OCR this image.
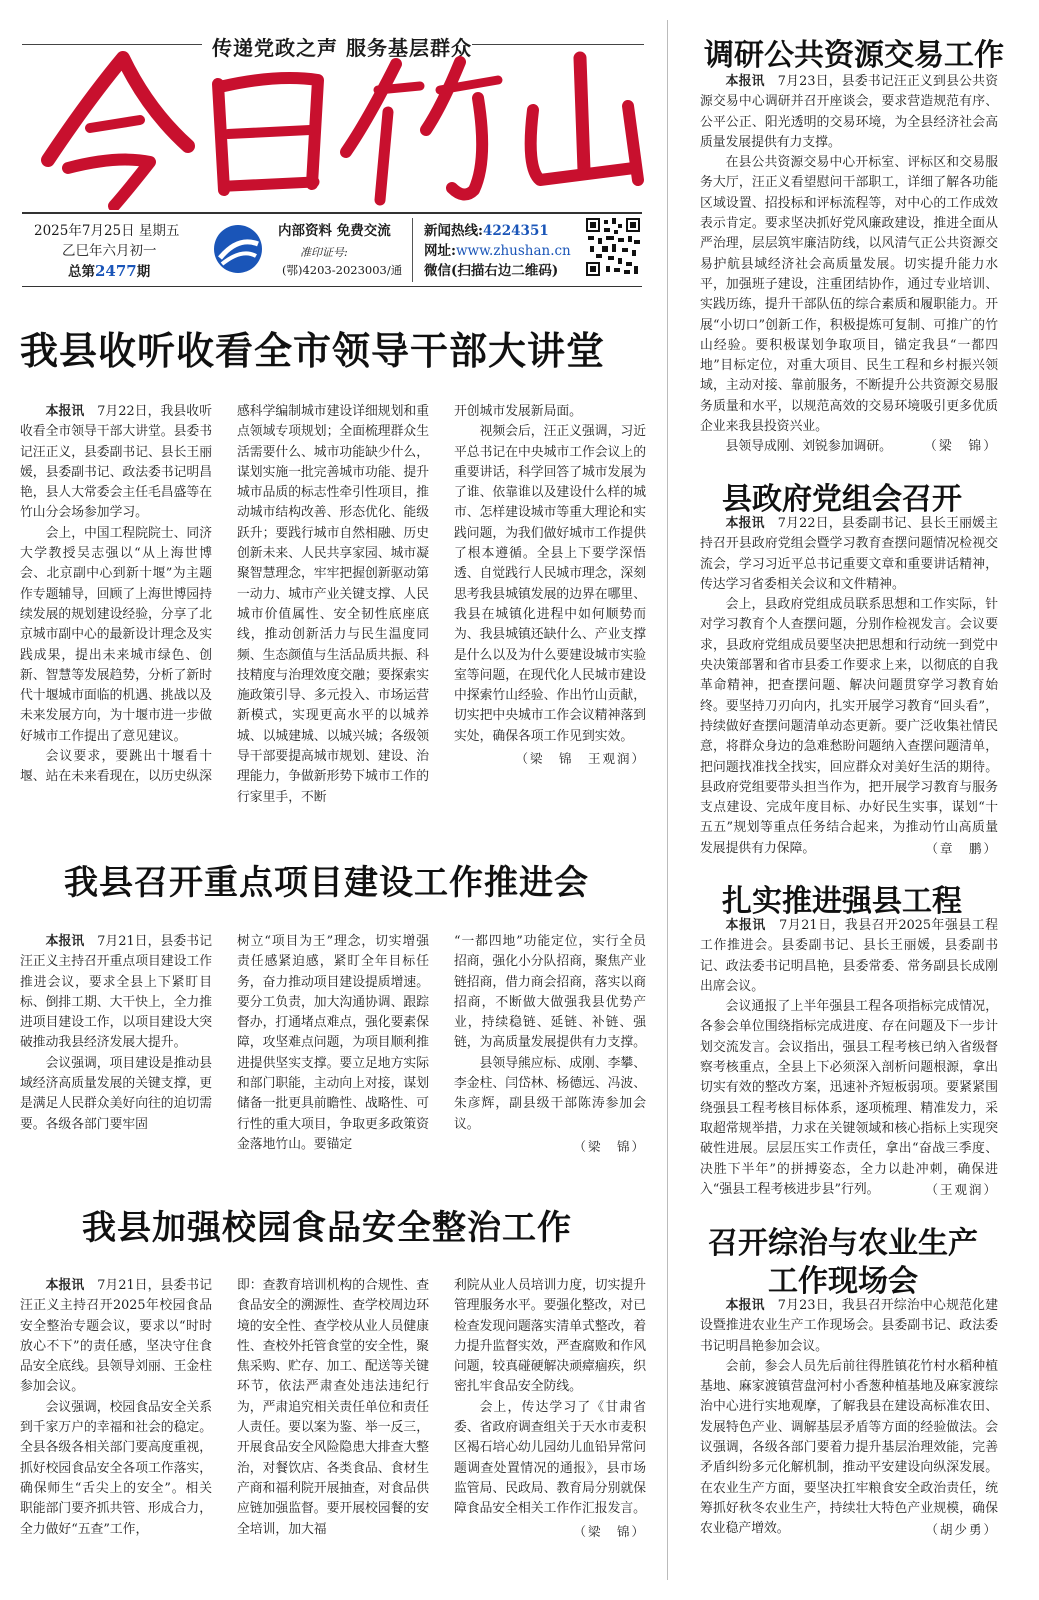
传递党政之声 服务基层群众
今日竹山
2025年7月25日 星期五
乙巳年六月初一
总第2477期
内部资料 免费交流
准印证号:
(鄂)4203-2023003/通
新闻热线:4224351
网址:www.zhushan.cn
微信(扫描右边二维码)
我县收听收看全市领导干部大讲堂

本报讯　7月22日，我县收听收看全市领导干部大讲堂。县委书记汪正义，县委副书记、县长王丽媛，县委副书记、政法委书记明昌艳，县人大常委会主任毛昌盛等在竹山分会场参加学习。

会上，中国工程院院士、同济大学教授吴志强以“从上海世博会、北京副中心到新十堰”为主题作专题辅导，回顾了上海世博园持续发展的规划建设经验，分享了北京城市副中心的最新设计理念及实践成果，提出未来城市绿色、创新、智慧等发展趋势，分析了新时代十堰城市面临的机遇、挑战以及未来发展方向，为十堰市进一步做好城市工作提出了意见建议。

会议要求，要跳出十堰看十堰、站在未来看现在，以历史纵深

感科学编制城市建设详细规划和重点领域专项规划；全面梳理群众生活需要什么、城市功能缺少什么，谋划实施一批完善城市功能、提升城市品质的标志性牵引性项目，推动城市结构改善、形态优化、能级跃升；要践行城市自然相融、历史创新未来、人民共享家园、城市凝聚智慧理念，牢牢把握创新驱动第一动力、城市产业关键支撑、人民城市价值属性、安全韧性底座底线，推动创新活力与民生温度同频、生态颜值与生活品质共振、科技精度与治理效度交融；要探索实施政策引导、多元投入、市场运营新模式，实现更高水平的以城养城、以城建城、以城兴城；各级领导干部要提高城市规划、建设、治理能力，争做新形势下城市工作的行家里手，不断

开创城市发展新局面。

视频会后，汪正义强调，习近平总书记在中央城市工作会议上的重要讲话，科学回答了城市发展为了谁、依靠谁以及建设什么样的城市、怎样建设城市等重大理论和实践问题，为我们做好城市工作提供了根本遵循。全县上下要学深悟透、自觉践行人民城市理念，深刻思考我县城镇发展的边界在哪里、我县在城镇化进程中如何顺势而为、我县城镇还缺什么、产业支撑是什么以及为什么要建设城市实验室等问题，在现代化人民城市建设中探索竹山经验、作出竹山贡献，切实把中央城市工作会议精神落到实处，确保各项工作见到实效。

（梁　锦　王观润）
我县召开重点项目建设工作推进会

本报讯　7月21日，县委书记汪正义主持召开重点项目建设工作推进会议，要求全县上下紧盯目标、倒排工期、大干快上，全力推进项目建设工作，以项目建设大突破推动我县经济发展大提升。

会议强调，项目建设是推动县域经济高质量发展的关键支撑，更是满足人民群众美好向往的迫切需要。各级各部门要牢固

树立“项目为王”理念，切实增强责任感紧迫感，紧盯全年目标任务，奋力推动项目建设提质增速。要分工负责，加大沟通协调、跟踪督办，打通堵点难点，强化要素保障，攻坚难点问题，为项目顺利推进提供坚实支撑。要立足地方实际和部门职能，主动向上对接，谋划储备一批更具前瞻性、战略性、可行性的重大项目，争取更多政策资金落地竹山。要锚定

“一都四地”功能定位，实行全员招商，强化小分队招商，聚焦产业链招商，借力商会招商，落实以商招商，不断做大做强我县优势产业，持续稳链、延链、补链、强链，为高质量发展提供有力支撑。

县领导熊应标、成刚、李攀、李金柱、闫岱林、杨德远、冯波、朱彦辉，副县级干部陈涛参加会议。

（梁　锦）
我县加强校园食品安全整治工作

本报讯　7月21日，县委书记汪正义主持召开2025年校园食品安全整治专题会议，要求以“时时放心不下”的责任感，坚决守住食品安全底线。县领导刘丽、王金柱参加会议。

会议强调，校园食品安全关系到千家万户的幸福和社会的稳定。全县各级各相关部门要高度重视，抓好校园食品安全各项工作落实，确保师生“舌尖上的安全”。相关职能部门要齐抓共管、形成合力，全力做好“五查”工作，

即：查教育培训机构的合规性、查食品安全的溯源性、查学校周边环境的安全性、查学校从业人员健康性、查校外托管食堂的安全性，聚焦采购、贮存、加工、配送等关键环节，依法严肃查处违法违纪行为，严肃追究相关责任单位和责任人责任。要以案为鉴、举一反三，开展食品安全风险隐患大排查大整治，对餐饮店、各类食品、食材生产商和福利院开展抽查，对食品供应链加强监督。要开展校园餐的安全培训，加大福

利院从业人员培训力度，切实提升管理服务水平。要强化整改，对已检查发现问题落实清单式整改，着力提升监督实效，严查腐败和作风问题，较真碰硬解决顽瘴痼疾，织密扎牢食品安全防线。

会上，传达学习了《甘肃省委、省政府调查组关于天水市麦积区褐石培心幼儿园幼儿血铅异常问题调查处置情况的通报》，县市场监管局、民政局、教育局分别就保障食品安全相关工作作汇报发言。

（梁　锦）
调研公共资源交易工作

本报讯　7月23日，县委书记汪正义到县公共资源交易中心调研并召开座谈会，要求营造规范有序、公平公正、阳光透明的交易环境，为全县经济社会高质量发展提供有力支撑。

在县公共资源交易中心开标室、评标区和交易服务大厅，汪正义看望慰问干部职工，详细了解各功能区域设置、招投标和评标流程等，对中心的工作成效表示肯定。要求坚决抓好党风廉政建设，推进全面从严治理，层层筑牢廉洁防线，以风清气正公共资源交易护航县域经济社会高质量发展。切实提升能力水平，加强班子建设，注重团结协作，通过专业培训、实践历练，提升干部队伍的综合素质和履职能力。开展“小切口”创新工作，积极提炼可复制、可推广的竹山经验。要积极谋划争取项目，锚定我县“一都四地”目标定位，对重大项目、民生工程和乡村振兴领域，主动对接、靠前服务，不断提升公共资源交易服务质量和水平，以规范高效的交易环境吸引更多优质企业来我县投资兴业。

县领导成刚、刘锐参加调研。	（梁　锦）

县政府党组会召开

本报讯　7月22日，县委副书记、县长王丽媛主持召开县政府党组会暨学习教育查摆问题情况检视交流会，学习习近平总书记重要文章和重要讲话精神，传达学习省委相关会议和文件精神。

会上，县政府党组成员联系思想和工作实际，针对学习教育个人查摆问题，分别作检视发言。会议要求，县政府党组成员要坚决把思想和行动统一到党中央决策部署和省市县委工作要求上来，以彻底的自我革命精神，把查摆问题、解决问题贯穿学习教育始终。要坚持刀刃向内，扎实开展学习教育“回头看”，持续做好查摆问题清单动态更新。要广泛收集社情民意，将群众身边的急难愁盼问题纳入查摆问题清单，把问题找准找全找实，回应群众对美好生活的期待。县政府党组要带头担当作为，把开展学习教育与服务支点建设、完成年度目标、办好民生实事，谋划“十五五”规划等重点任务结合起来，为推动竹山高质量发展提供有力保障。	（章　鹏）
扎实推进强县工程

本报讯　7月21日，我县召开2025年强县工程工作推进会。县委副书记、县长王丽媛，县委副书记、政法委书记明昌艳，县委常委、常务副县长成刚出席会议。

会议通报了上半年强县工程各项指标完成情况，各参会单位围绕指标完成进度、存在问题及下一步计划交流发言。会议指出，强县工程考核已纳入省级督察考核重点，全县上下必须深入剖析问题根源，拿出切实有效的整改方案，迅速补齐短板弱项。要紧紧围绕强县工程考核目标体系，逐项梳理、精准发力，采取超常规举措，力求在关键领域和核心指标上实现突破性进展。层层压实工作责任，拿出“奋战三季度、决胜下半年”的拼搏姿态，全力以赴冲刺，确保进入“强县工程考核进步县”行列。	（王观润）
召开综治与农业生产
工作现场会

本报讯　7月23日，我县召开综治中心规范化建设暨推进农业生产工作现场会。县委副书记、政法委书记明昌艳参加会议。

会前，参会人员先后前往得胜镇花竹村水稻种植基地、麻家渡镇营盘河村小香葱种植基地及麻家渡综治中心进行实地观摩，了解我县在建设高标准农田、发展特色产业、调解基层矛盾等方面的经验做法。会议强调，各级各部门要着力提升基层治理效能，完善矛盾纠纷多元化解机制，推动平安建设向纵深发展。在农业生产方面，要坚决扛牢粮食安全政治责任，统筹抓好秋冬农业生产，持续壮大特色产业规模，确保农业稳产增效。	（胡少勇）
